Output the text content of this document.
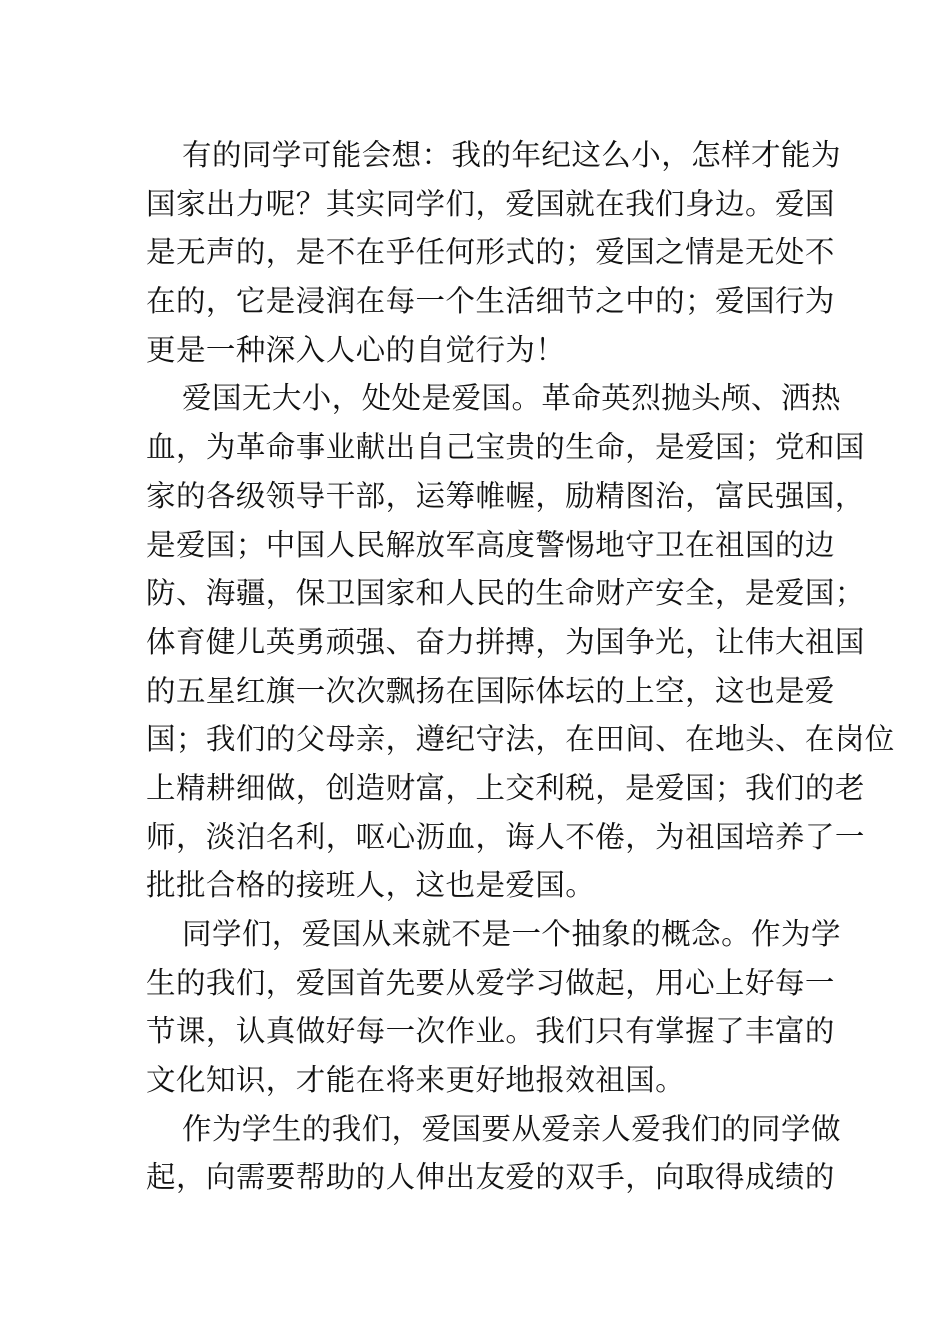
有的同学可能会想：我的年纪这么小，怎样才能为
国家出力呢？其实同学们，爱国就在我们身边。爱国
是无声的，是不在乎任何形式的；爱国之情是无处不
在的，它是浸润在每一个生活细节之中的；爱国行为
更是一种深入人心的自觉行为！
爱国无大小，处处是爱国。革命英烈抛头颅、洒热
血，为革命事业献出自己宝贵的生命，是爱国；党和国
家的各级领导干部，运筹帷幄，励精图治，富民强国，
是爱国；中国人民解放军高度警惕地守卫在祖国的边
防、海疆，保卫国家和人民的生命财产安全，是爱国；
体育健儿英勇顽强、奋力拼搏，为国争光，让伟大祖国
的五星红旗一次次飘扬在国际体坛的上空，这也是爱
国；我们的父母亲，遵纪守法，在田间、在地头、在岗位
上精耕细做，创造财富，上交利税，是爱国；我们的老
师，淡泊名利，呕心沥血，诲人不倦，为祖国培养了一
批批合格的接班人，这也是爱国。
同学们，爱国从来就不是一个抽象的概念。作为学
生的我们，爱国首先要从爱学习做起，用心上好每一
节课，认真做好每一次作业。我们只有掌握了丰富的
文化知识，才能在将来更好地报效祖国。
作为学生的我们，爱国要从爱亲人爱我们的同学做
起，向需要帮助的人伸出友爱的双手，向取得成绩的
